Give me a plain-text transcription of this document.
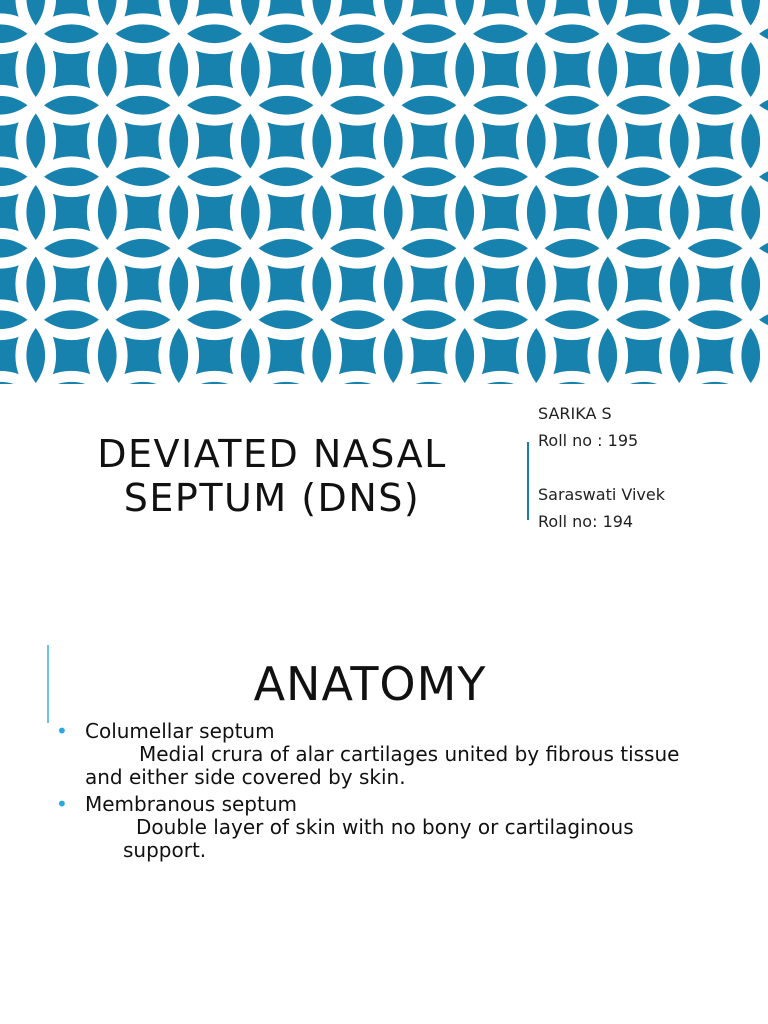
DEVIATED NASAL
SEPTUM (DNS)
SARIKA S
Roll no : 195
Saraswati Vivek
Roll no: 194
ANATOMY
• Columellar septum
Medial crura of alar cartilages united by fibrous tissue
and either side covered by skin.
• Membranous septum
Double layer of skin with no bony or cartilaginous
support.
